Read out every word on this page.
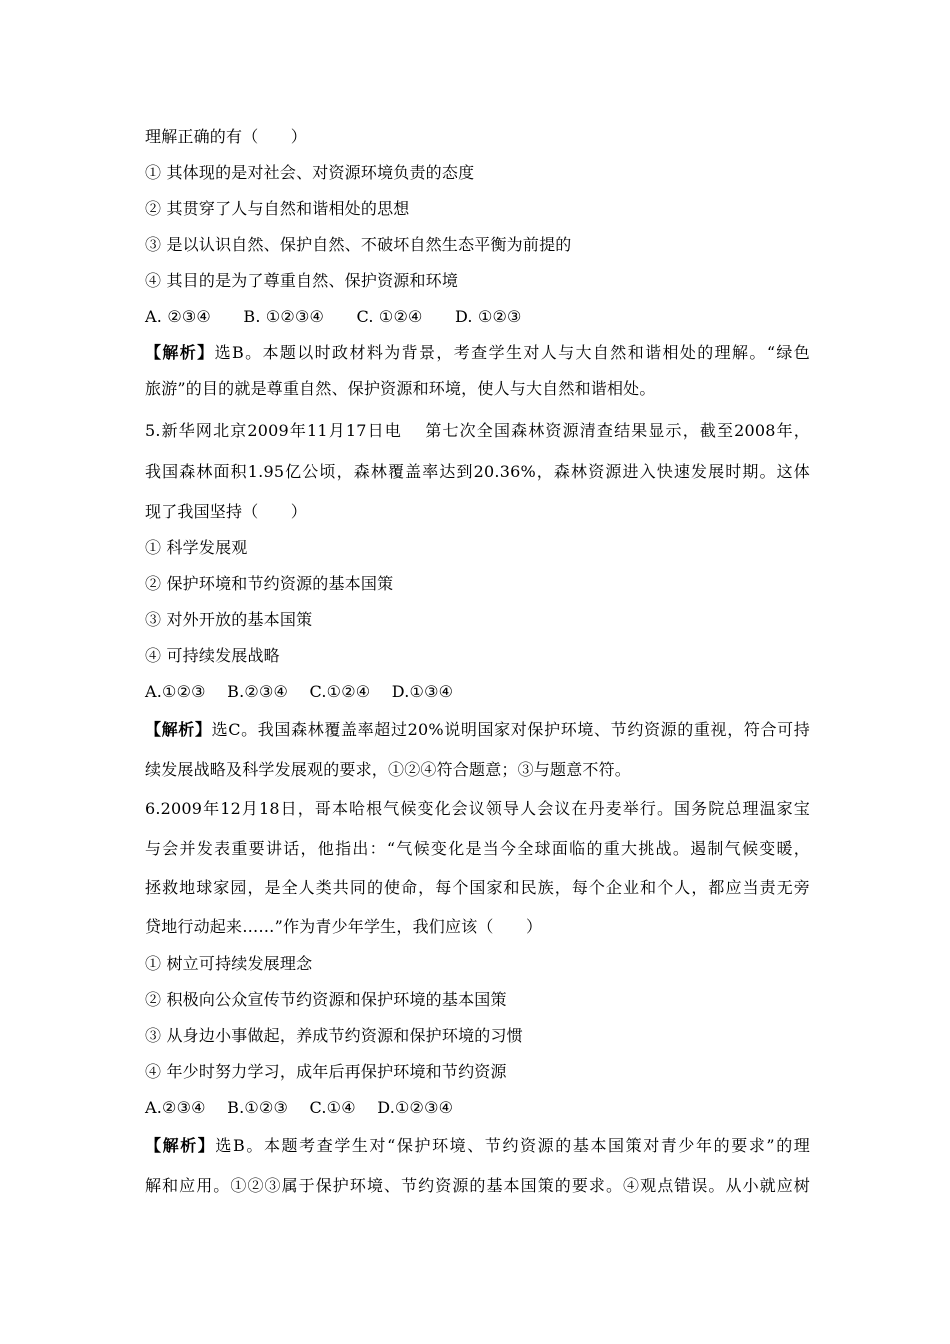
理解正确的有（　　）
① 其体现的是对社会、对资源环境负责的态度
② 其贯穿了人与自然和谐相处的思想
③ 是以认识自然、保护自然、不破坏自然生态平衡为前提的
④ 其目的是为了尊重自然、保护资源和环境
A. ②③④　　B. ①②③④　　C. ①②④　　D. ①②③
【解析】选B。本题以时政材料为背景，考查学生对人与大自然和谐相处的理解。“绿色
旅游”的目的就是尊重自然、保护资源和环境，使人与大自然和谐相处。
5.新华网北京2009年11月17日电　 第七次全国森林资源清查结果显示，截至2008年，
我国森林面积1.95亿公顷，森林覆盖率达到20.36%，森林资源进入快速发展时期。这体
现了我国坚持（　　）
① 科学发展观
② 保护环境和节约资源的基本国策
③ 对外开放的基本国策
④ 可持续发展战略
A.①②③　 B.②③④　 C.①②④　 D.①③④
【解析】选C。我国森林覆盖率超过20%说明国家对保护环境、节约资源的重视，符合可持
续发展战略及科学发展观的要求，①②④符合题意；③与题意不符。
6.2009年12月18日，哥本哈根气候变化会议领导人会议在丹麦举行。国务院总理温家宝
与会并发表重要讲话，他指出：“气候变化是当今全球面临的重大挑战。遏制气候变暖，
拯救地球家园，是全人类共同的使命，每个国家和民族，每个企业和个人，都应当责无旁
贷地行动起来……”作为青少年学生，我们应该（　　）
① 树立可持续发展理念
② 积极向公众宣传节约资源和保护环境的基本国策
③ 从身边小事做起，养成节约资源和保护环境的习惯
④ 年少时努力学习，成年后再保护环境和节约资源
A.②③④　 B.①②③　 C.①④　 D.①②③④
【解析】选B。本题考查学生对“保护环境、节约资源的基本国策对青少年的要求”的理
解和应用。①②③属于保护环境、节约资源的基本国策的要求。④观点错误。从小就应树
